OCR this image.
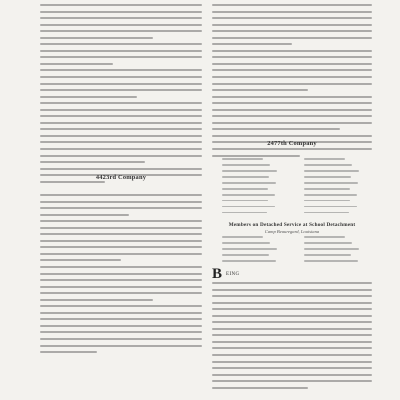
4423rd Company
2477th Company
Members on Detached Service at School Detachment
Camp Beauregard, Louisiana
B EING
